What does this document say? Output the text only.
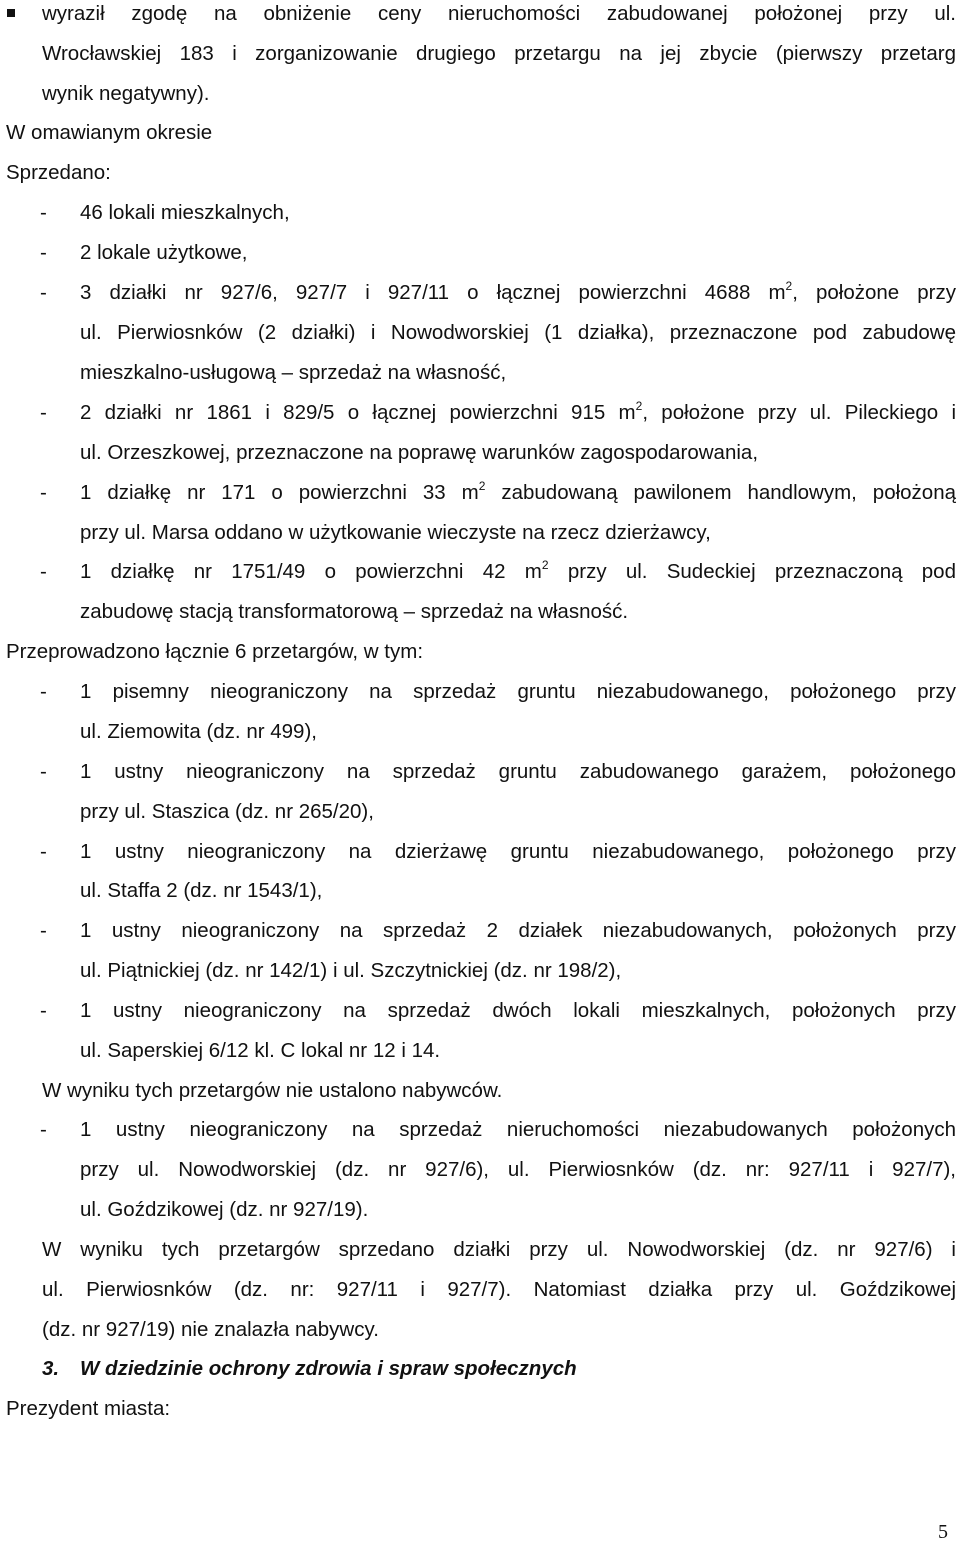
wyraził zgodę na obniżenie ceny nieruchomości zabudowanej położonej przy ul.
Wrocławskiej 183 i zorganizowanie drugiego przetargu na jej zbycie (pierwszy przetarg
wynik negatywny).
W omawianym okresie
Sprzedano:
-	46 lokali mieszkalnych,
-	2 lokale użytkowe,
-	3 działki nr 927/6, 927/7 i 927/11 o łącznej powierzchni 4688 $m^2$, położone przy
ul. Pierwiosnków (2 działki) i Nowodworskiej (1 działka), przeznaczone pod zabudowę
mieszkalno-usługową – sprzedaż na własność,
-	2 działki nr 1861 i 829/5 o łącznej powierzchni 915 $m^2$, położone przy ul. Pileckiego i
ul. Orzeszkowej, przeznaczone na poprawę warunków zagospodarowania,
-	1 działkę nr 171 o powierzchni 33 $m^2$ zabudowaną pawilonem handlowym, położoną
przy ul. Marsa oddano w użytkowanie wieczyste na rzecz dzierżawcy,
-	1 działkę nr 1751/49 o powierzchni 42 $m^2$ przy ul. Sudeckiej przeznaczoną pod
zabudowę stacją transformatorową – sprzedaż na własność.
Przeprowadzono łącznie 6 przetargów, w tym:
-	1 pisemny nieograniczony na sprzedaż gruntu niezabudowanego, położonego przy
ul. Ziemowita (dz. nr 499),
-	1 ustny nieograniczony na sprzedaż gruntu zabudowanego garażem, położonego
przy ul. Staszica (dz. nr 265/20),
-	1 ustny nieograniczony na dzierżawę gruntu niezabudowanego, położonego przy
ul. Staffa 2 (dz. nr 1543/1),
-	1 ustny nieograniczony na sprzedaż 2 działek niezabudowanych, położonych przy
ul. Piątnickiej (dz. nr 142/1) i ul. Szczytnickiej (dz. nr 198/2),
-	1 ustny nieograniczony na sprzedaż dwóch lokali mieszkalnych, położonych przy
ul. Saperskiej 6/12 kl. C lokal nr 12 i 14.
W wyniku tych przetargów nie ustalono nabywców.
-	1 ustny nieograniczony na sprzedaż nieruchomości niezabudowanych położonych
przy ul. Nowodworskiej (dz. nr 927/6), ul. Pierwiosnków (dz. nr: 927/11 i 927/7),
ul. Goździkowej (dz. nr 927/19).
W wyniku tych przetargów sprzedano działki przy ul. Nowodworskiej (dz. nr 927/6) i
ul. Pierwiosnków (dz. nr: 927/11 i 927/7). Natomiast działka przy ul. Goździkowej
(dz. nr 927/19) nie znalazła nabywcy.
3.	W dziedzinie ochrony zdrowia i spraw społecznych
Prezydent miasta:
5
